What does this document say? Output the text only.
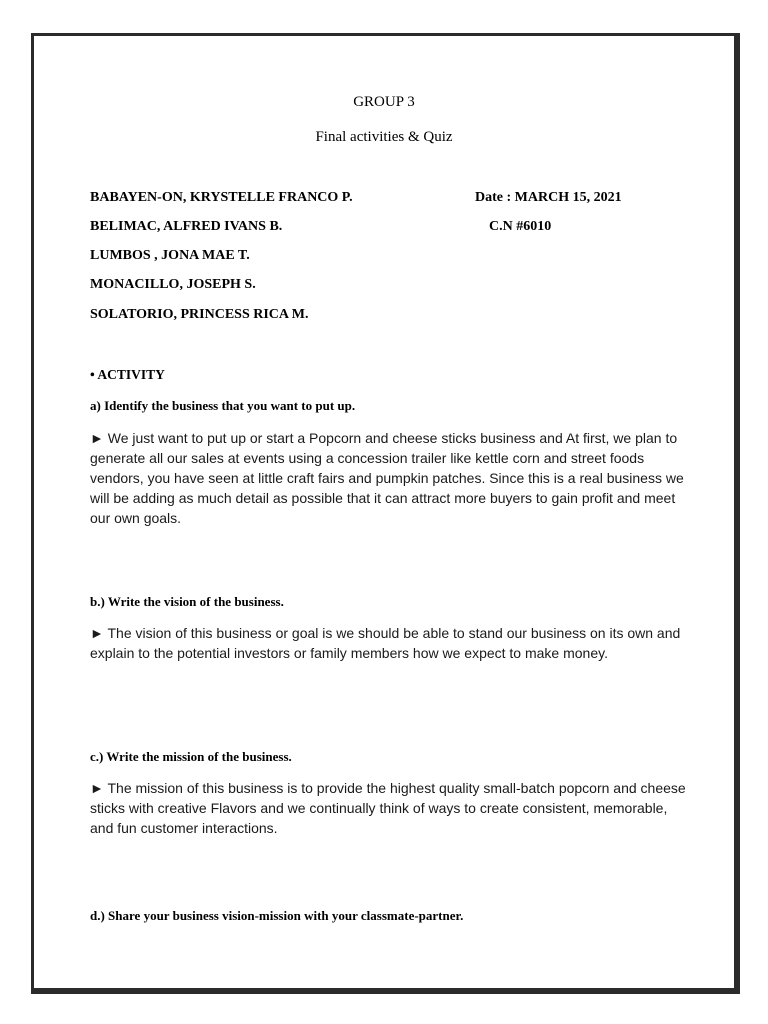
GROUP 3
Final activities & Quiz
BABAYEN-ON, KRYSTELLE FRANCO P.
BELIMAC, ALFRED IVANS B.
LUMBOS , JONA MAE T.
MONACILLO, JOSEPH S.
SOLATORIO, PRINCESS RICA M.
Date : MARCH 15, 2021
C.N #6010
• ACTIVITY
a) Identify the business that you want to put up.
► We just want to put up or start a Popcorn and cheese sticks business and At first, we plan to generate all our sales at events using a concession trailer like kettle corn and street foods vendors, you have seen at little craft fairs and pumpkin patches. Since this is a real business we will be adding as much detail as possible that it can attract more buyers to gain profit and meet our own goals.
b.) Write the vision of the business.
► The vision of this business or goal is we should be able to stand our business on its own and explain to the potential investors or family members how we expect to make money.
c.) Write the mission of the business.
► The mission of this business is to provide the highest quality small-batch popcorn and cheese sticks with creative Flavors and we continually think of ways to create consistent, memorable, and fun customer interactions.
d.) Share your business vision-mission with your classmate-partner.
